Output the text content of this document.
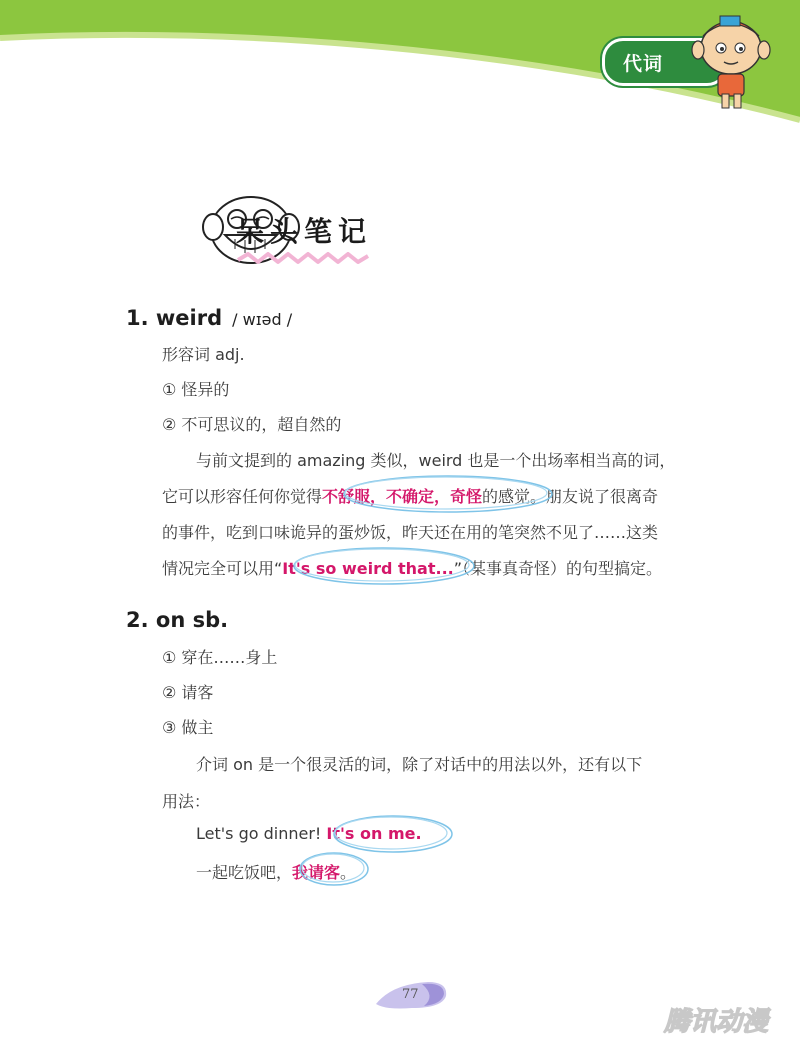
代词
呆头笔记
1. weird / wɪəd /
形容词 adj.
① 怪异的
② 不可思议的，超自然的
与前文提到的 amazing 类似，weird 也是一个出场率相当高的词，
它可以形容任何你觉得不舒服，不确定，奇怪的感觉。朋友说了很离奇
的事件，吃到口味诡异的蛋炒饭，昨天还在用的笔突然不见了……这类
情况完全可以用“It's so weird that...”（某事真奇怪）的句型搞定。
2. on sb.
① 穿在……身上
② 请客
③ 做主
介词 on 是一个很灵活的词，除了对话中的用法以外，还有以下
用法：
Let's go dinner! It's on me.
一起吃饭吧，我请客。
77
腾讯动漫
